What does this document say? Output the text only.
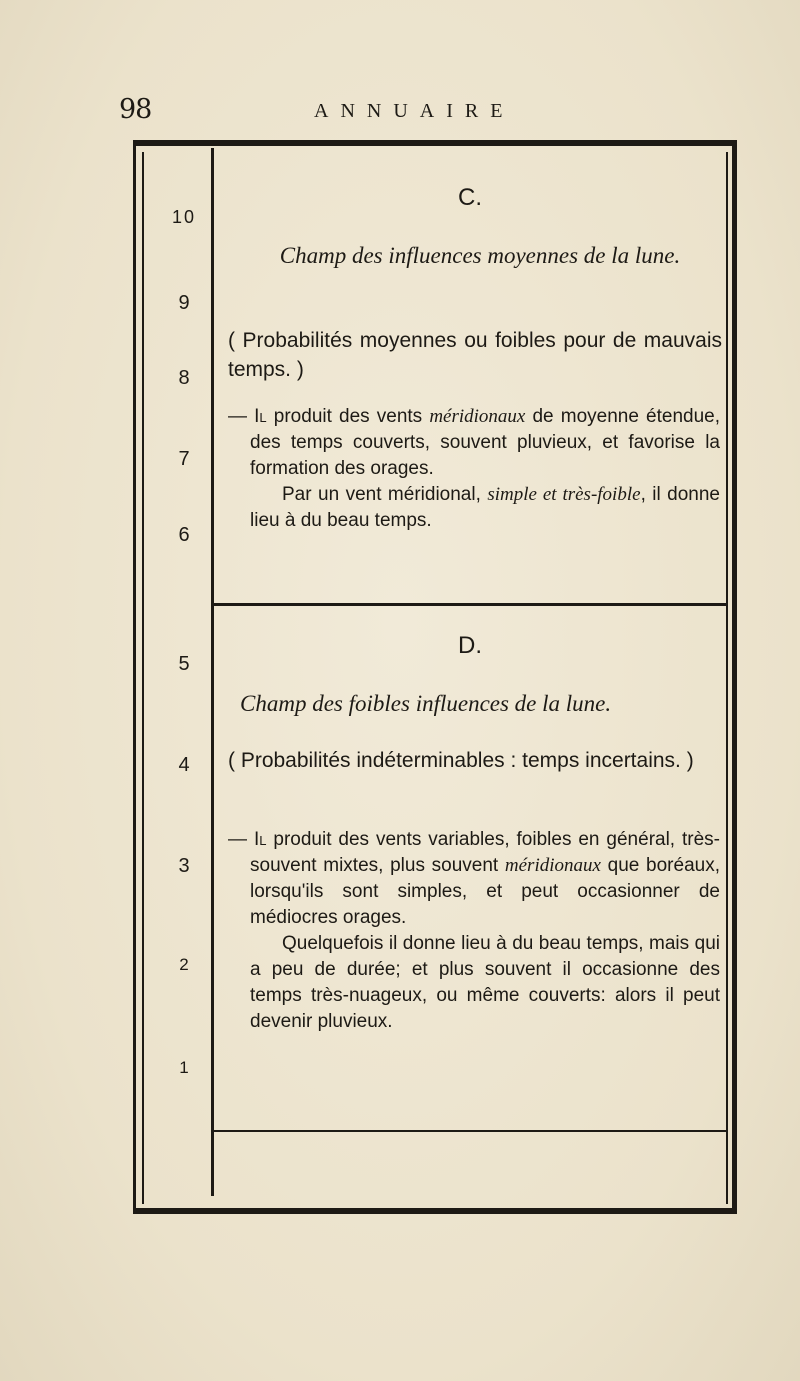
98	ANNUAIRE
10
9
8
7
6
5
4
3
2
1
C.
Champ des influences moyennes de la lune.
( Probabilités moyennes ou foibles pour de mauvais temps. )

— Il produit des vents méridionaux de moyenne étendue, des temps couverts, souvent pluvieux, et favorise la formation des orages.

Par un vent méridional, simple et très-foible, il donne lieu à du beau temps.

D.
Champ des foibles influences de la lune.
( Probabilités indéterminables : temps incertains. )

— Il produit des vents variables, foibles en général, très-souvent mixtes, plus souvent méridionaux que boréaux, lorsqu'ils sont simples, et peut occasionner de médiocres orages.

Quelquefois il donne lieu à du beau temps, mais qui a peu de durée; et plus souvent il occasionne des temps très-nuageux, ou même couverts: alors il peut devenir pluvieux.
